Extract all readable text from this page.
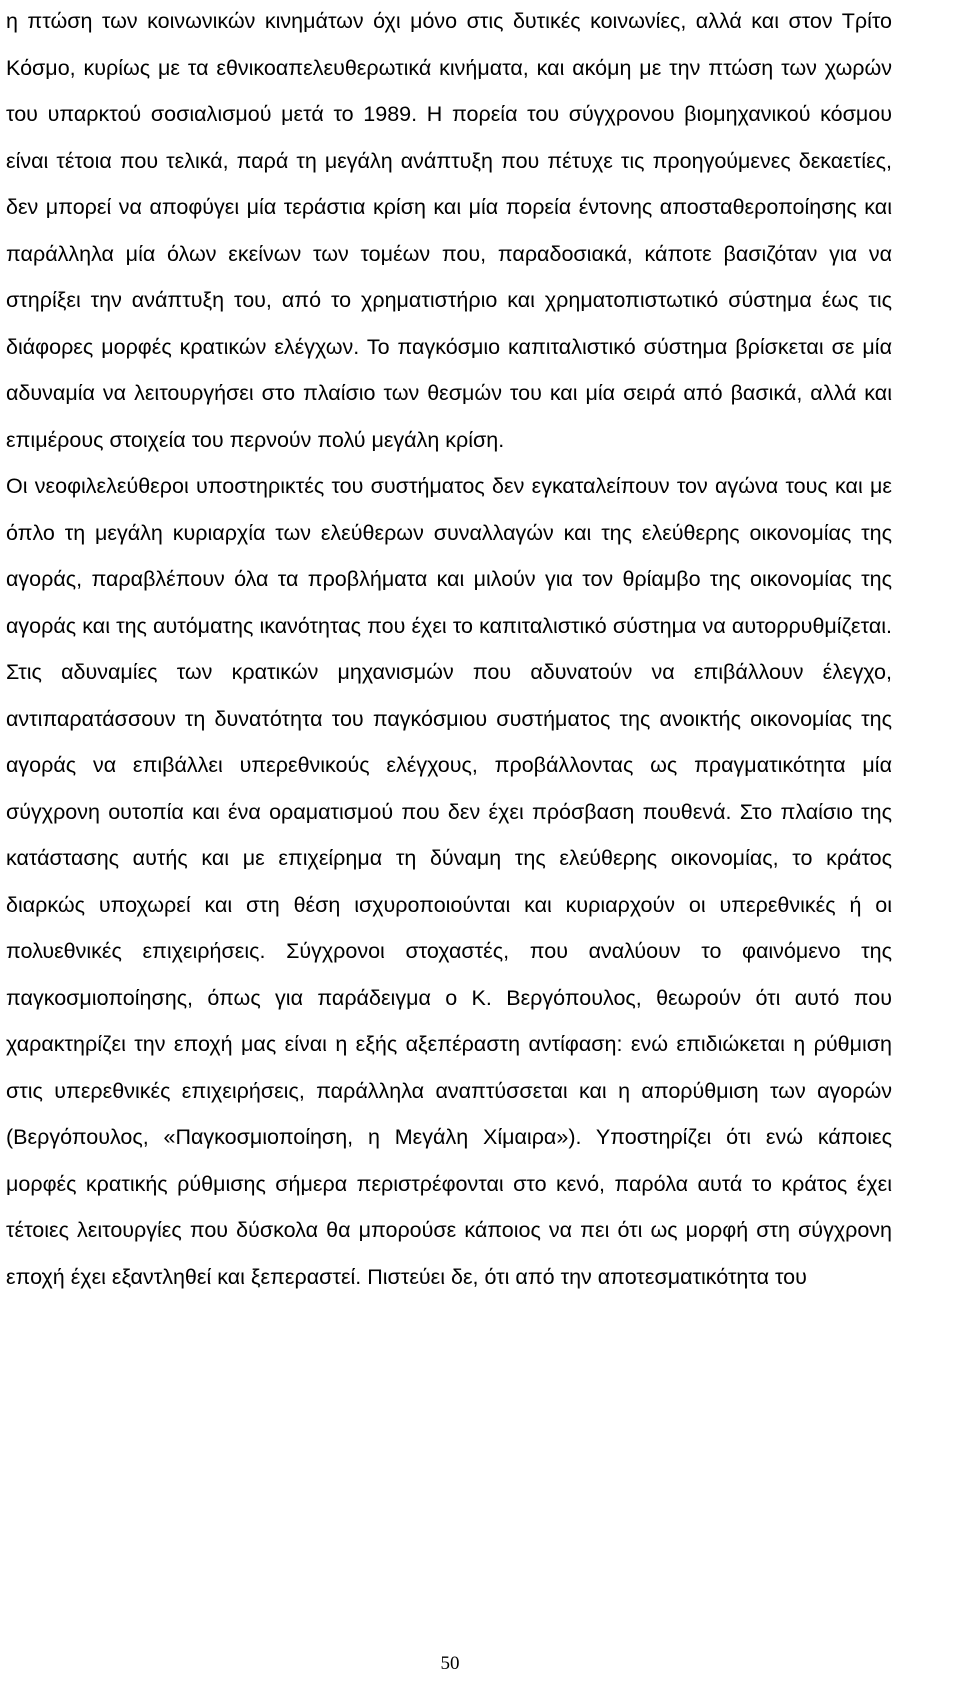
η πτώση των κοινωνικών κινημάτων όχι μόνο στις δυτικές κοινωνίες, αλλά και στον Τρίτο Κόσμο, κυρίως με τα εθνικοαπελευθερωτικά κινήματα, και ακόμη με την πτώση των χωρών του υπαρκτού σοσιαλισμού μετά το 1989. Η πορεία του σύγχρονου βιομηχανικού κόσμου είναι τέτοια που τελικά, παρά τη μεγάλη ανάπτυξη που πέτυχε τις προηγούμενες δεκαετίες, δεν μπορεί να αποφύγει μία τεράστια κρίση και μία πορεία έντονης αποσταθεροποίησης και παράλληλα μία όλων εκείνων των τομέων που, παραδοσιακά, κάποτε βασιζόταν για να στηρίξει την ανάπτυξη του, από το χρηματιστήριο και χρηματοπιστωτικό σύστημα έως τις διάφορες μορφές κρατικών ελέγχων. Το παγκόσμιο καπιταλιστικό σύστημα βρίσκεται σε μία αδυναμία να λειτουργήσει στο πλαίσιο των θεσμών του και μία σειρά από βασικά, αλλά και επιμέρους στοιχεία του περνούν πολύ μεγάλη κρίση.

Οι νεοφιλελεύθεροι υποστηρικτές του συστήματος δεν εγκαταλείπουν τον αγώνα τους και με όπλο τη μεγάλη κυριαρχία των ελεύθερων συναλλαγών και της ελεύθερης οικονομίας της αγοράς, παραβλέπουν όλα τα προβλήματα και μιλούν για τον θρίαμβο της οικονομίας της αγοράς και της αυτόματης ικανότητας που έχει το καπιταλιστικό σύστημα να αυτορρυθμίζεται. Στις αδυναμίες των κρατικών μηχανισμών που αδυνατούν να επιβάλλουν έλεγχο, αντιπαρατάσσουν τη δυνατότητα του παγκόσμιου συστήματος της ανοικτής οικονομίας της αγοράς να επιβάλλει υπερεθνικούς ελέγχους, προβάλλοντας ως πραγματικότητα μία σύγχρονη ουτοπία και ένα οραματισμού που δεν έχει πρόσβαση πουθενά. Στο πλαίσιο της κατάστασης αυτής και με επιχείρημα τη δύναμη της ελεύθερης οικονομίας, το κράτος διαρκώς υποχωρεί και στη θέση ισχυροποιούνται και κυριαρχούν οι υπερεθνικές ή οι πολυεθνικές επιχειρήσεις. Σύγχρονοι στοχαστές, που αναλύουν το φαινόμενο της παγκοσμιοποίησης, όπως για παράδειγμα ο Κ. Βεργόπουλος, θεωρούν ότι αυτό που χαρακτηρίζει την εποχή μας είναι η εξής αξεπέραστη αντίφαση: ενώ επιδιώκεται η ρύθμιση στις υπερεθνικές επιχειρήσεις, παράλληλα αναπτύσσεται και η απορύθμιση των αγορών (Βεργόπουλος, «Παγκοσμιοποίηση, η Μεγάλη Χίμαιρα»). Υποστηρίζει ότι ενώ κάποιες μορφές κρατικής ρύθμισης σήμερα περιστρέφονται στο κενό, παρόλα αυτά το κράτος έχει τέτοιες λειτουργίες που δύσκολα θα μπορούσε κάποιος να πει ότι ως μορφή στη σύγχρονη εποχή έχει εξαντληθεί και ξεπεραστεί. Πιστεύει δε, ότι από την αποτεσματικότητα του

50
